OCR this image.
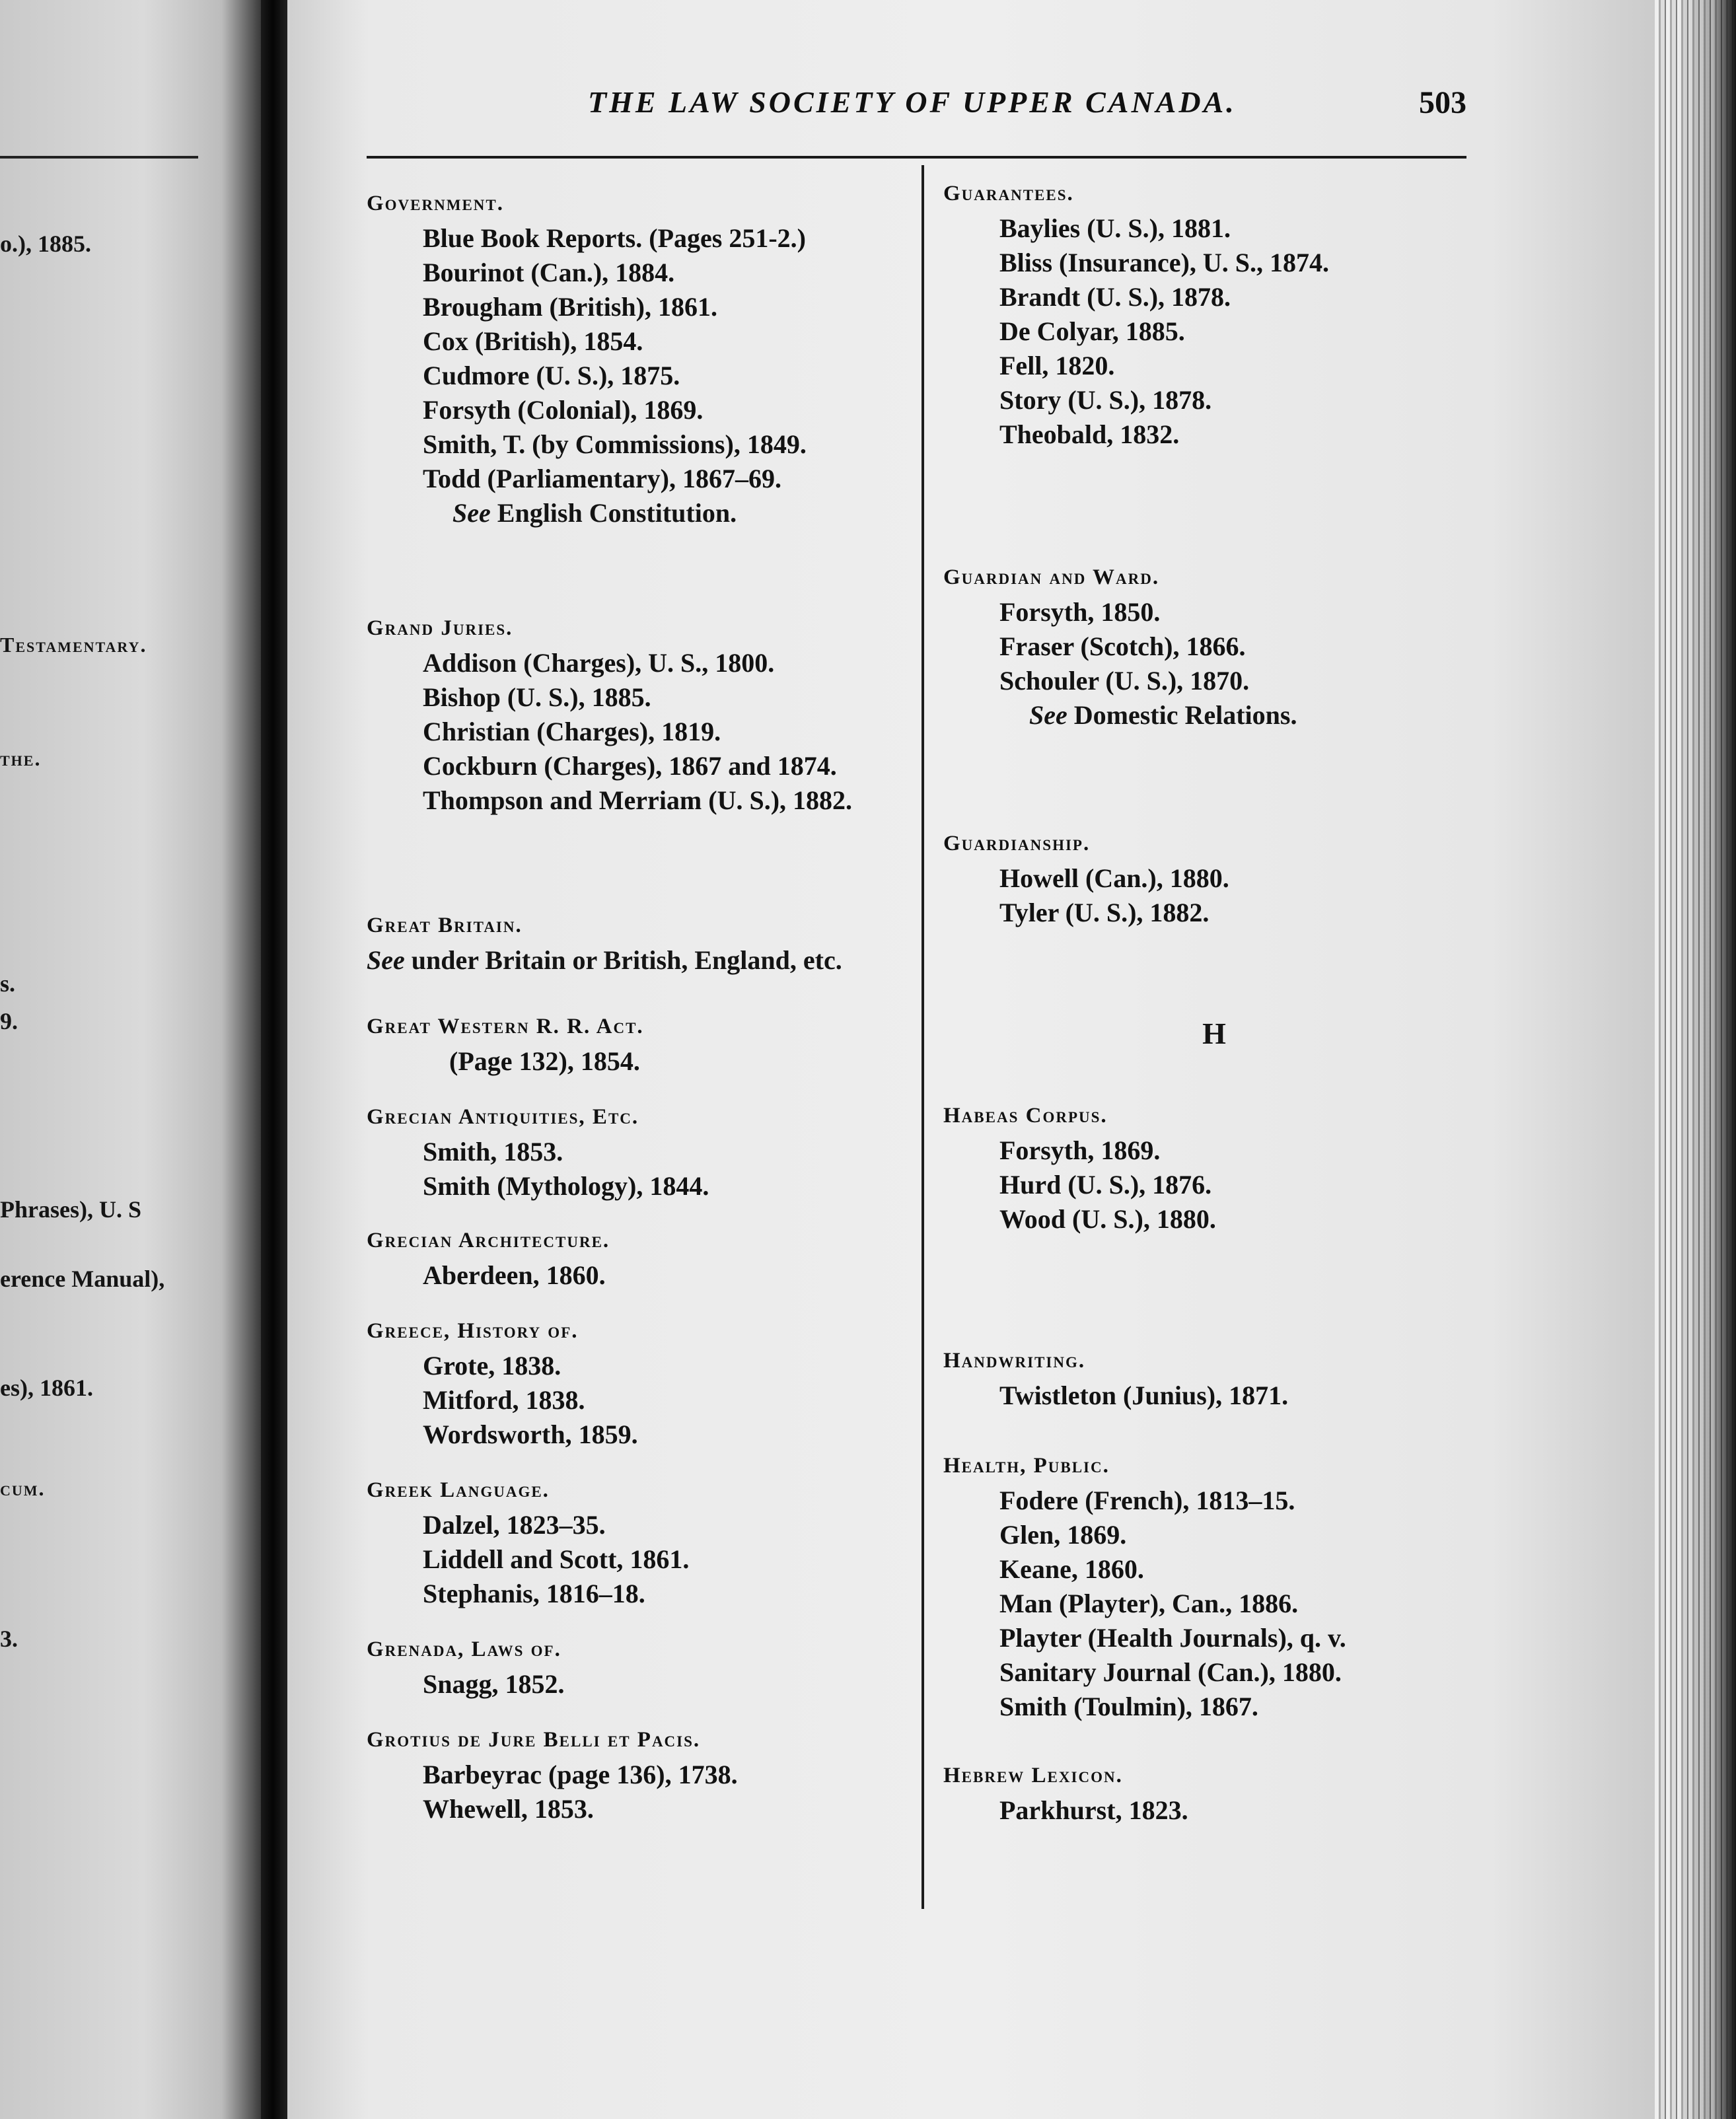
o.), 1885.
Testamentary.
the.
s.
9.
Phrases), U. S
erence Manual),
es), 1861.
cum.
3.
THE LAW SOCIETY OF UPPER CANADA.	503
Government.
Blue Book Reports. (Pages 251-2.)
Bourinot (Can.), 1884.
Brougham (British), 1861.
Cox (British), 1854.
Cudmore (U. S.), 1875.
Forsyth (Colonial), 1869.
Smith, T. (by Commissions), 1849.
Todd (Parliamentary), 1867–69.
See English Constitution.
Grand Juries.
Addison (Charges), U. S., 1800.
Bishop (U. S.), 1885.
Christian (Charges), 1819.
Cockburn (Charges), 1867 and 1874.
Thompson and Merriam (U. S.), 1882.
Great Britain.
See under Britain or British, England, etc.
Great Western R. R. Act.
(Page 132), 1854.
Grecian Antiquities, Etc.
Smith, 1853.
Smith (Mythology), 1844.
Grecian Architecture.
Aberdeen, 1860.
Greece, History of.
Grote, 1838.
Mitford, 1838.
Wordsworth, 1859.
Greek Language.
Dalzel, 1823–35.
Liddell and Scott, 1861.
Stephanis, 1816–18.
Grenada, Laws of.
Snagg, 1852.
Grotius de Jure Belli et Pacis.
Barbeyrac (page 136), 1738.
Whewell, 1853.
Guarantees.
Baylies (U. S.), 1881.
Bliss (Insurance), U. S., 1874.
Brandt (U. S.), 1878.
De Colyar, 1885.
Fell, 1820.
Story (U. S.), 1878.
Theobald, 1832.
Guardian and Ward.
Forsyth, 1850.
Fraser (Scotch), 1866.
Schouler (U. S.), 1870.
See Domestic Relations.
Guardianship.
Howell (Can.), 1880.
Tyler (U. S.), 1882.
H
Habeas Corpus.
Forsyth, 1869.
Hurd (U. S.), 1876.
Wood (U. S.), 1880.
Handwriting.
Twistleton (Junius), 1871.
Health, Public.
Fodere (French), 1813–15.
Glen, 1869.
Keane, 1860.
Man (Playter), Can., 1886.
Playter (Health Journals), q. v.
Sanitary Journal (Can.), 1880.
Smith (Toulmin), 1867.
Hebrew Lexicon.
Parkhurst, 1823.
